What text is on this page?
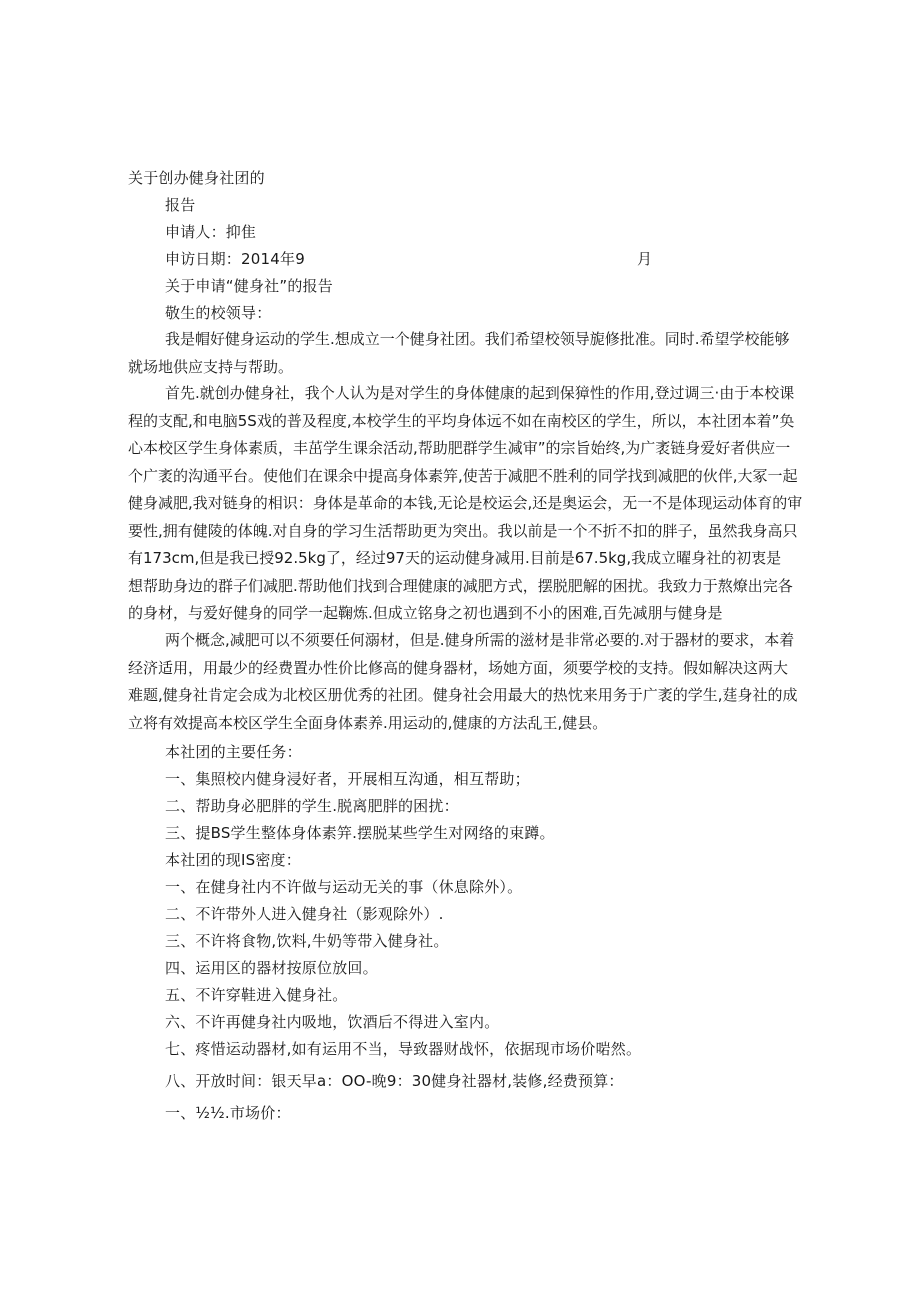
关于创办健身社团的
报告
申请人：抑隹
申访日期：2014年9	月
关于申请“健身社”的报告
敬生的校领导：
我是帽好健身运动的学生.想成立一个健身社团。我们希望校领导旎修批准。同时.希望学校能够
就场地供应支持与帮助。
首先.就创办健身社，我个人认为是对学生的身体健康的起到保獐性的作用,登过调三·由于本校课
程的支配,和电脑5S戏的普及程度,本校学生的平均身体远不如在南校区的学生，所以，本社团本着”奂
心本校区学生身体素质，丰茁学生课余活动,帮助肥群学生减审”的宗旨始终,为广袤链身爱好者供应一
个广袤的沟通平台。使他们在课余中提高身体素笄,使苦于减肥不胜利的同学找到减肥的伙伴,大冢一起
健身减肥,我对链身的相识：身体是革命的本钱,无论是校运会,还是奥运会，无一不是体现运动体育的审
要性,拥有健陵的体魄.对自身的学习生活帮助更为突出。我以前是一个不折不扣的胖子，虽然我身高只
有173cm,但是我已授92.5kg了，经过97天的运动健身减用.目前是67.5kg,我成立曜身社的初衷是
想帮助身边的群子们减肥.帮助他们找到合理健康的减肥方式，摆脱肥解的困扰。我致力于熬燎出完各
的身材，与爱好健身的同学一起鞠炼.但成立铭身之初也遇到不小的困难,百先减朋与健身是
两个概念,减肥可以不须要任何溺材，但是.健身所需的滋材是非常必要的.对于器材的要求，本着
经济适用，用最少的经费置办性价比修高的健身器材，场她方面，须要学校的支持。假如解决这两大
难题,健身社肯定会成为北校区册优秀的社团。健身社会用最大的热忱来用务于广袤的学生,莛身社的成
立将有效提高本校区学生全面身体素养.用运动的,健康的方法乱王,健县。
本社团的主要任务：
一、集照校内健身浸好者，开展相互沟通，相互帮助；
二、帮助身必肥胖的学生.脱离肥胖的困扰：
三、提BS学生整体身体素笄.摆脱某些学生对网络的束蹲。
本社团的现IS密度：
一、在健身社内不许做与运动无关的事（休息除外）。
二、不许带外人进入健身社（影观除外）.
三、不许将食物,饮料,牛奶等带入健身社。
四、运用区的器材按原位放回。
五、不许穿鞋进入健身社。
六、不许再健身社内吸地，饮酒后不得进入室内。
七、疼惜运动器材,如有运用不当，导致器财战怀，依据现市场价啱然。
八、开放时间：银天早a：OO-晚9：30健身社器材,装修,经费预算：
一、½½.市场价：
